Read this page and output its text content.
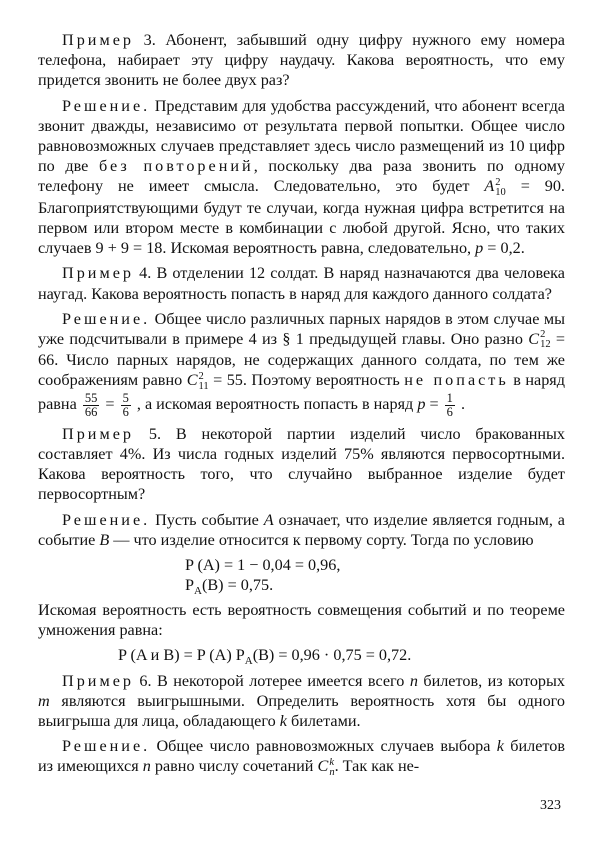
Пример 3. Абонент, забывший одну цифру нужного ему номера телефона, набирает эту цифру наудачу. Какова вероятность, что ему придется звонить не более двух раз?

Решение. Представим для удобства рассуждений, что абонент всегда звонит дважды, независимо от результата первой попытки. Общее число равновозможных случаев представляет здесь число размещений из 10 цифр по две без повторений, поскольку два раза звонить по одному телефону не имеет смысла. Следовательно, это будет A 2
10 = 90. Благоприятствующими будут те случаи, когда нужная цифра встретится на первом или втором месте в комбинации с любой другой. Ясно, что таких случаев 9 + 9 = 18. Искомая вероятность равна, следовательно, p = 0,2.

Пример 4. В отделении 12 солдат. В наряд назначаются два человека наугад. Какова вероятность попасть в наряд для каждого данного солдата?

Решение. Общее число различных парных нарядов в этом случае мы уже подсчитывали в примере 4 из § 1 предыдущей главы. Оно разно C 2
12 = 66. Число парных нарядов, не содержащих данного солдата, по тем же соображениям равно C 2
11 = 55. Поэтому вероятность не попасть в наряд равна $\frac{55}{66} = \frac{5}{6}$ , а искомая вероятность попасть в наряд $p = \frac{1}{6}$ .

Пример 5. В некоторой партии изделий число бракованных составляет 4%. Из числа годных изделий 75% являются первосортными. Какова вероятность того, что случайно выбранное изделие будет первосортным?

Решение. Пусть событие A означает, что изделие является годным, а событие B — что изделие относится к первому сорту. Тогда по условию

P (A) = 1 − 0,04 = 0,96,
$P_A(B) = 0,75$.

Искомая вероятность есть вероятность совмещения событий и по теореме умножения равна:

P (A и B) = P (A) $P_A(B) = 0,96 \cdot 0,75 = 0,72$.

Пример 6. В некоторой лотерее имеется всего n билетов, из которых m являются выигрышными. Определить вероятность хотя бы одного выигрыша для лица, обладающего k билетами.

Решение. Общее число равновозможных случаев выбора k билетов из имеющихся n равно числу сочетаний C k
n . Так как не-

323
